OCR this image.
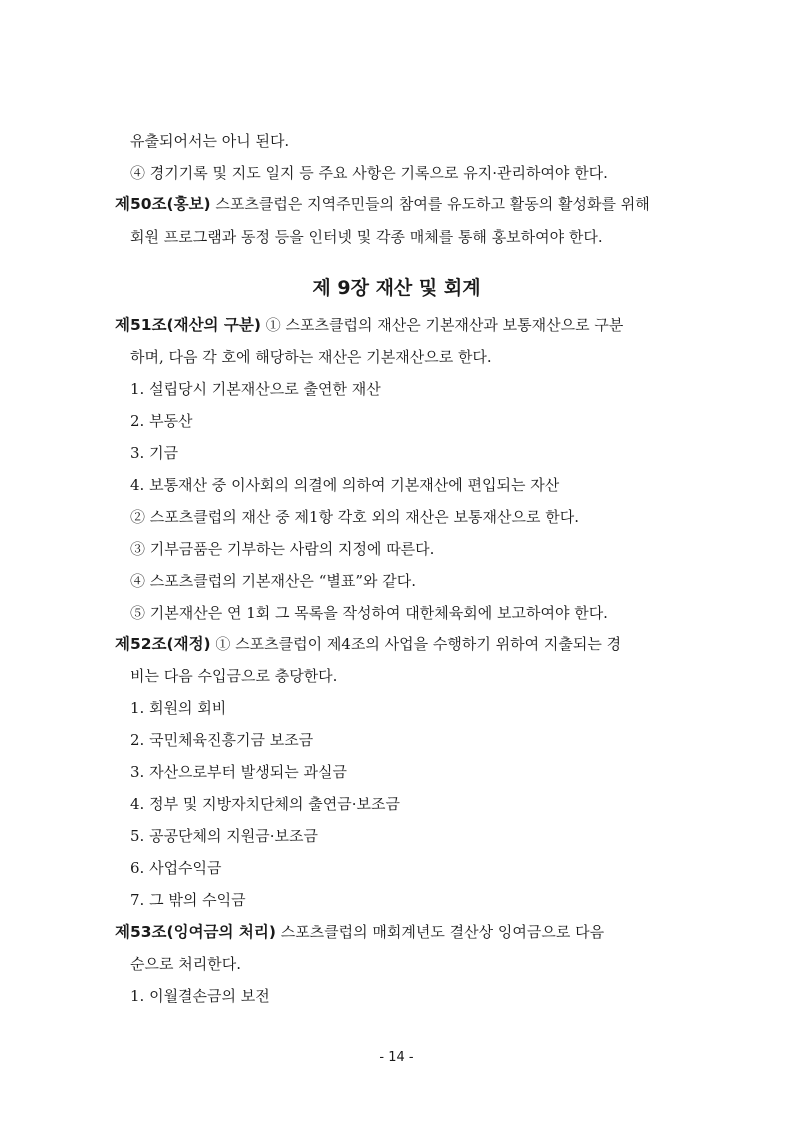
유출되어서는 아니 된다.
④ 경기기록 및 지도 일지 등 주요 사항은 기록으로 유지·관리하여야 한다.
제50조(홍보) 스포츠클럽은 지역주민들의 참여를 유도하고 활동의 활성화를 위해
회원 프로그램과 동정 등을 인터넷 및 각종 매체를 통해 홍보하여야 한다.
제 9장 재산 및 회계
제51조(재산의 구분) ① 스포츠클럽의 재산은 기본재산과 보통재산으로 구분
하며, 다음 각 호에 해당하는 재산은 기본재산으로 한다.
1. 설립당시 기본재산으로 출연한 재산
2. 부동산
3. 기금
4. 보통재산 중 이사회의 의결에 의하여 기본재산에 편입되는 자산
② 스포츠클럽의 재산 중 제1항 각호 외의 재산은 보통재산으로 한다.
③ 기부금품은 기부하는 사람의 지정에 따른다.
④ 스포츠클럽의 기본재산은 “별표”와 같다.
⑤ 기본재산은 연 1회 그 목록을 작성하여 대한체육회에 보고하여야 한다.
제52조(재정) ① 스포츠클럽이 제4조의 사업을 수행하기 위하여 지출되는 경
비는 다음 수입금으로 충당한다.
1. 회원의 회비
2. 국민체육진흥기금 보조금
3. 자산으로부터 발생되는 과실금
4. 정부 및 지방자치단체의 출연금·보조금
5. 공공단체의 지원금·보조금
6. 사업수익금
7. 그 밖의 수익금
제53조(잉여금의 처리) 스포츠클럽의 매회계년도 결산상 잉여금으로 다음
순으로 처리한다.
1. 이월결손금의 보전
- 14 -
